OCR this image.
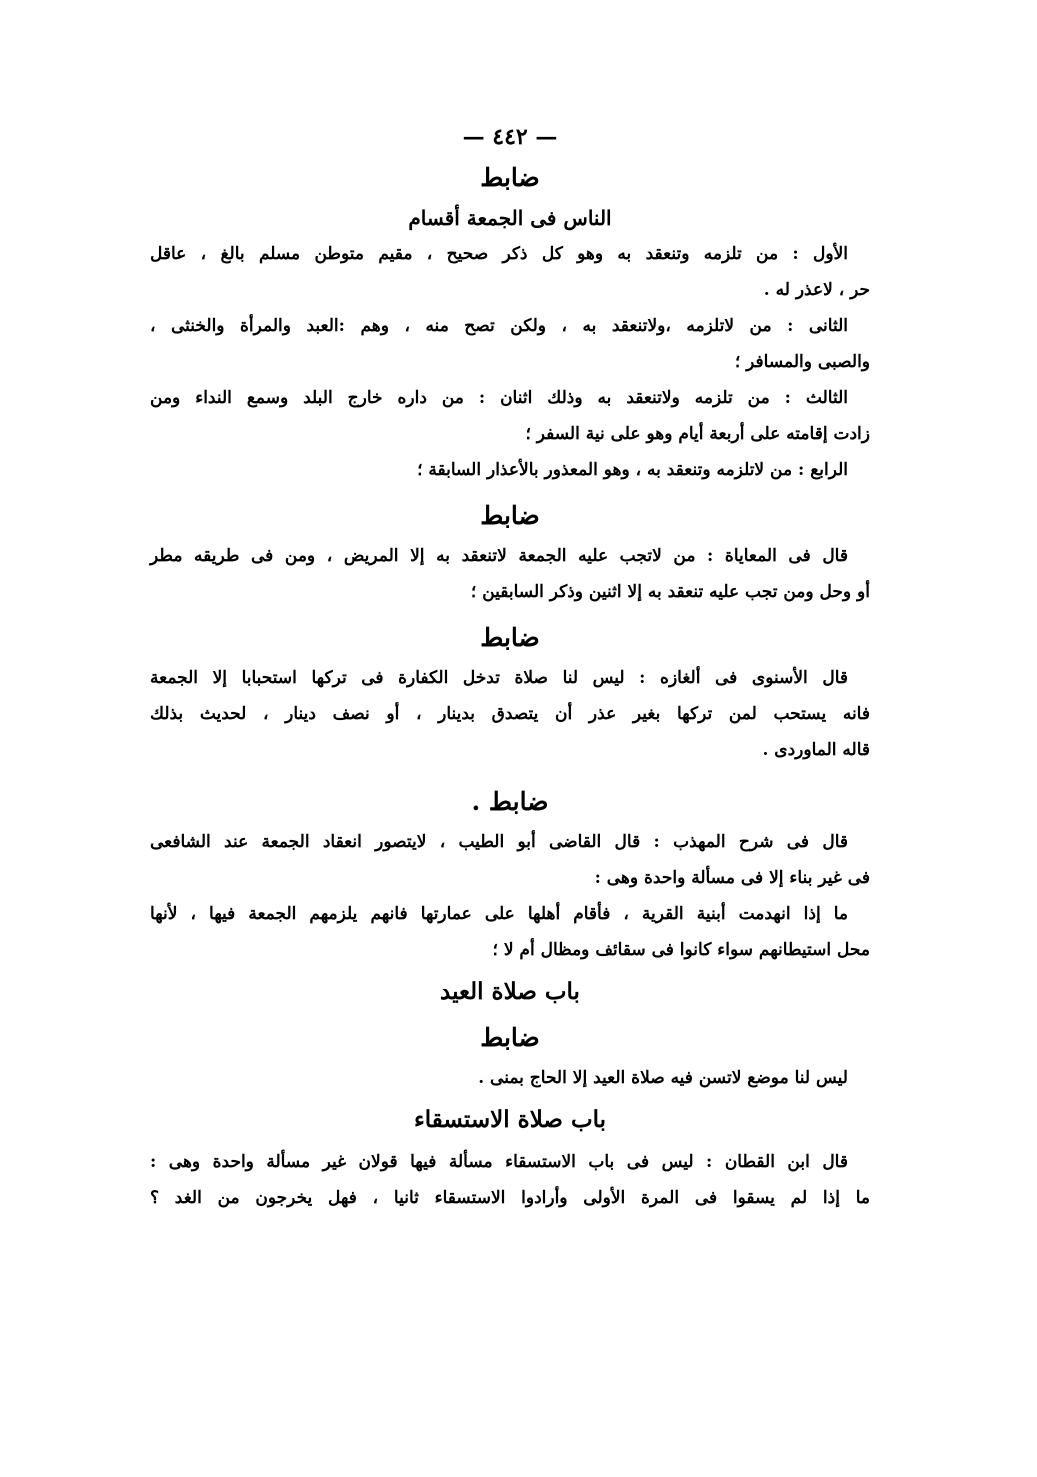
— ٤٤٢ —
ضابط
الناس فى الجمعة أقسام
الأول : من تلزمه وتنعقد به وهو كل ذكر صحيح ، مقيم متوطن مسلم بالغ ، عاقل
حر ، لاعذر له .
الثانى : من لاتلزمه ،ولاتنعقد به ، ولكن تصح منه ، وهم :العبد والمرأة والخنثى ،
والصبى والمسافر ؛
الثالث : من تلزمه ولاتنعقد به وذلك اثنان : من داره خارج البلد وسمع النداء ومن
زادت إقامته على أربعة أيام وهو على نية السفر ؛
الرابع : من لاتلزمه وتنعقد به ، وهو المعذور بالأعذار السابقة ؛
ضابط
قال فى المعاياة : من لاتجب عليه الجمعة لاتنعقد به إلا المريض ، ومن فى طريقه مطر
أو وحل ومن تجب عليه تنعقد به إلا اثنين وذكر السابقين ؛
ضابط
قال الأسنوى فى ألغازه : ليس لنا صلاة تدخل الكفارة فى تركها استحبابا إلا الجمعة
فانه يستحب لمن تركها بغير عذر أن يتصدق بدينار ، أو نصف دينار ، لحديث بذلك
قاله الماوردى .
ضابط .
قال فى شرح المهذب : قال القاضى أبو الطيب ، لايتصور انعقاد الجمعة عند الشافعى
فى غير بناء إلا فى مسألة واحدة وهى :
ما إذا انهدمت أبنية القرية ، فأقام أهلها على عمارتها فانهم يلزمهم الجمعة فيها ، لأنها
محل استيطانهم سواء كانوا فى سقائف ومظال أم لا ؛
باب صلاة العيد
ضابط
ليس لنا موضع لاتسن فيه صلاة العيد إلا الحاج بمنى .
باب صلاة الاستسقاء
قال ابن القطان : ليس فى باب الاستسقاء مسألة فيها قولان غير مسألة واحدة وهى :
ما إذا لم يسقوا فى المرة الأولى وأرادوا الاستسقاء ثانيا ، فهل يخرجون من الغد ؟
